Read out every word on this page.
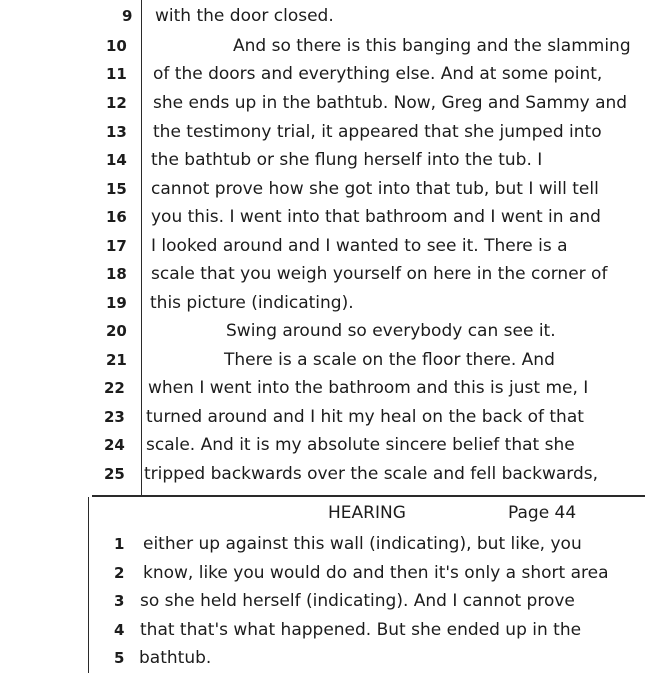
9 with the door closed.
10	And so there is this banging and the slamming
11 of the doors and everything else. And at some point,
12 she ends up in the bathtub. Now, Greg and Sammy and
13 the testimony trial, it appeared that she jumped into
14 the bathtub or she flung herself into the tub. I
15 cannot prove how she got into that tub, but I will tell
16 you this. I went into that bathroom and I went in and
17 I looked around and I wanted to see it. There is a
18 scale that you weigh yourself on here in the corner of
19 this picture (indicating).
20	Swing around so everybody can see it.
21	There is a scale on the floor there. And
22 when I went into the bathroom and this is just me, I
23 turned around and I hit my heal on the back of that
24 scale. And it is my absolute sincere belief that she
25 tripped backwards over the scale and fell backwards,
HEARING	Page 44
1 either up against this wall (indicating), but like, you
2 know, like you would do and then it's only a short area
3 so she held herself (indicating). And I cannot prove
4 that that's what happened. But she ended up in the
5 bathtub.
